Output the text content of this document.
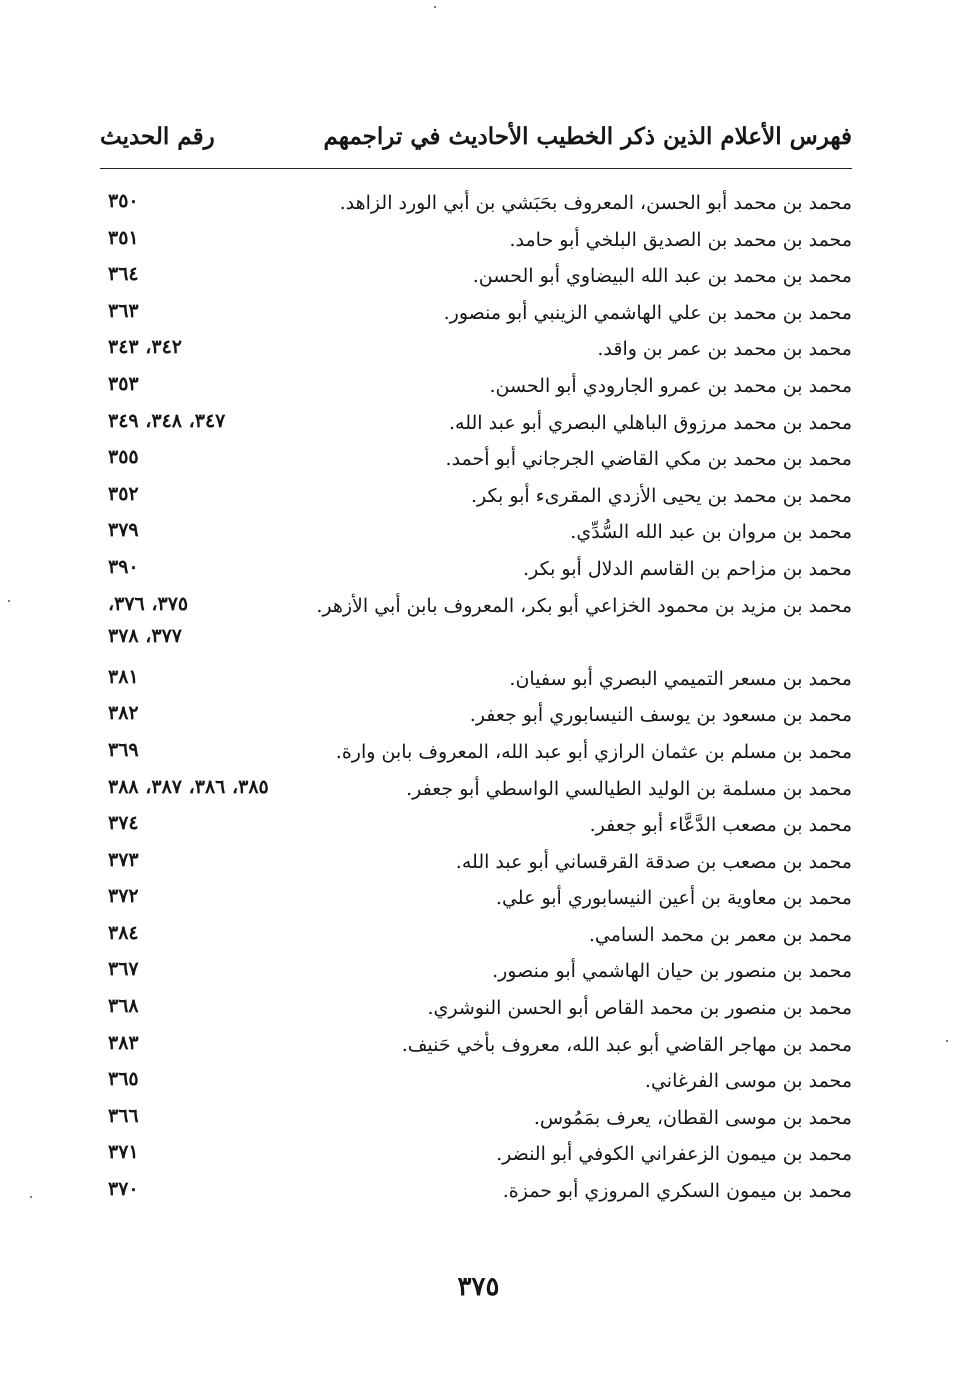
فهرس الأعلام الذين ذكر الخطيب الأحاديث في تراجمهم
رقم الحديث
محمد بن محمد أبو الحسن، المعروف بحَبَشي بن أبي الورد الزاهد.
٣٥٠
محمد بن محمد بن الصديق البلخي أبو حامد.
٣٥١
محمد بن محمد بن عبد الله البيضاوي أبو الحسن.
٣٦٤
محمد بن محمد بن علي الهاشمي الزينبي أبو منصور.
٣٦٣
محمد بن محمد بن عمر بن واقد.
٣٤٢، ٣٤٣
محمد بن محمد بن عمرو الجارودي أبو الحسن.
٣٥٣
محمد بن محمد مرزوق الباهلي البصري أبو عبد الله.
٣٤٧، ٣٤٨، ٣٤٩
محمد بن محمد بن مكي القاضي الجرجاني أبو أحمد.
٣٥٥
محمد بن محمد بن يحيى الأزدي المقرىء أبو بكر.
٣٥٢
محمد بن مروان بن عبد الله السُّدِّي.
٣٧٩
محمد بن مزاحم بن القاسم الدلال أبو بكر.
٣٩٠
محمد بن مزيد بن محمود الخزاعي أبو بكر، المعروف بابن أبي الأزهر.
٣٧٥، ٣٧٦،
٣٧٧، ٣٧٨
محمد بن مسعر التميمي البصري أبو سفيان.
٣٨١
محمد بن مسعود بن يوسف النيسابوري أبو جعفر.
٣٨٢
محمد بن مسلم بن عثمان الرازي أبو عبد الله، المعروف بابن وارة.
٣٦٩
محمد بن مسلمة بن الوليد الطيالسي الواسطي أبو جعفر.
٣٨٥، ٣٨٦، ٣٨٧، ٣٨٨
محمد بن مصعب الدَّعَّاء أبو جعفر.
٣٧٤
محمد بن مصعب بن صدقة القرقساني أبو عبد الله.
٣٧٣
محمد بن معاوية بن أعين النيسابوري أبو علي.
٣٧٢
محمد بن معمر بن محمد السامي.
٣٨٤
محمد بن منصور بن حيان الهاشمي أبو منصور.
٣٦٧
محمد بن منصور بن محمد القاص أبو الحسن النوشري.
٣٦٨
محمد بن مهاجر القاضي أبو عبد الله، معروف بأخي حَنيف.
٣٨٣
محمد بن موسى الفرغاني.
٣٦٥
محمد بن موسى القطان، يعرف بمَمُوس.
٣٦٦
محمد بن ميمون الزعفراني الكوفي أبو النضر.
٣٧١
محمد بن ميمون السكري المروزي أبو حمزة.
٣٧٠
٣٧٥
